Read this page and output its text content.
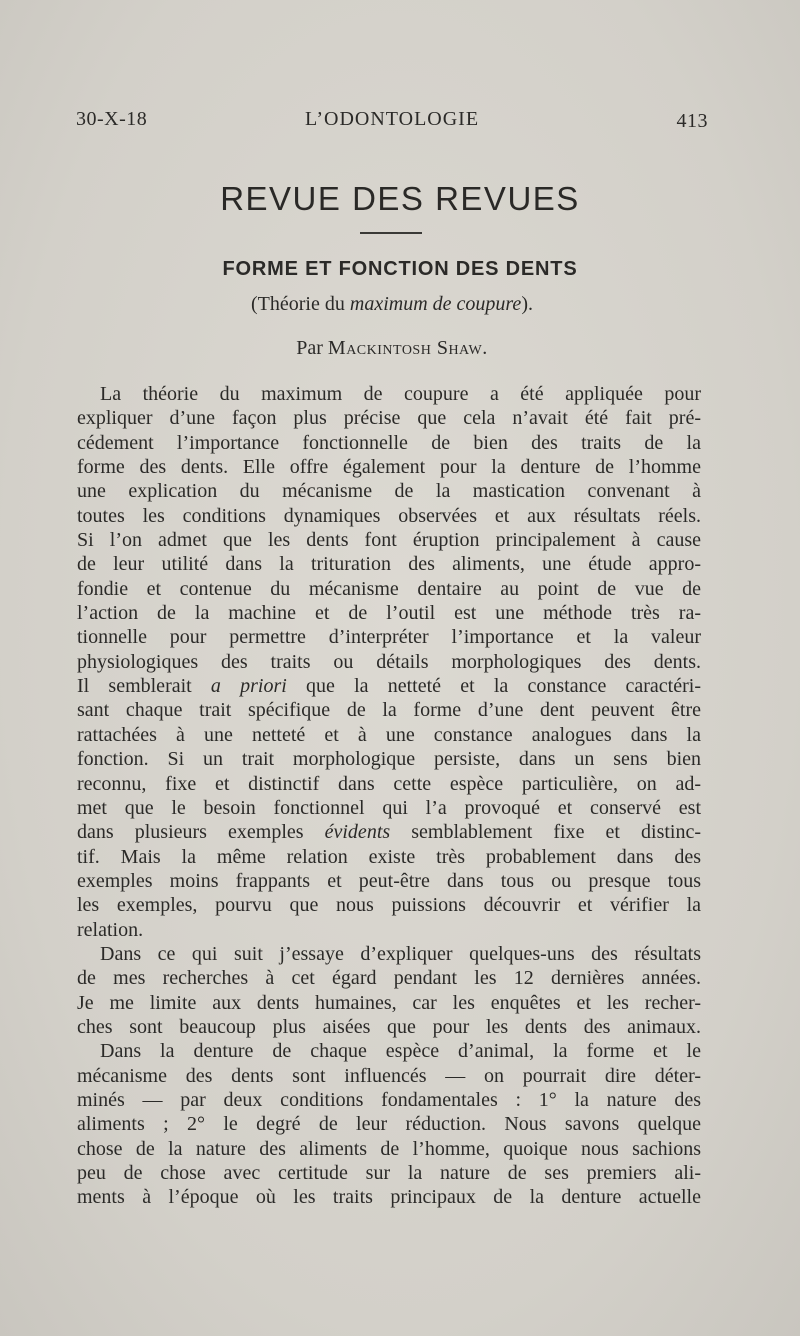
30-X-18	L’ODONTOLOGIE	413
REVUE DES REVUES
FORME ET FONCTION DES DENTS
(Théorie du maximum de coupure).
Par Mackintosh Shaw.
La théorie du maximum de coupure a été appliquée pour
expliquer d’une façon plus précise que cela n’avait été fait pré-
cédement l’importance fonctionnelle de bien des traits de la
forme des dents. Elle offre également pour la denture de l’homme
une explication du mécanisme de la mastication convenant à
toutes les conditions dynamiques observées et aux résultats réels.
Si l’on admet que les dents font éruption principalement à cause
de leur utilité dans la trituration des aliments, une étude appro-
fondie et contenue du mécanisme dentaire au point de vue de
l’action de la machine et de l’outil est une méthode très ra-
tionnelle pour permettre d’interpréter l’importance et la valeur
physiologiques des traits ou détails morphologiques des dents.
Il semblerait a priori que la netteté et la constance caractéri-
sant chaque trait spécifique de la forme d’une dent peuvent être
rattachées à une netteté et à une constance analogues dans la
fonction. Si un trait morphologique persiste, dans un sens bien
reconnu, fixe et distinctif dans cette espèce particulière, on ad-
met que le besoin fonctionnel qui l’a provoqué et conservé est
dans plusieurs exemples évidents semblablement fixe et distinc-
tif. Mais la même relation existe très probablement dans des
exemples moins frappants et peut-être dans tous ou presque tous
les exemples, pourvu que nous puissions découvrir et vérifier la
relation.
Dans ce qui suit j’essaye d’expliquer quelques-uns des résultats
de mes recherches à cet égard pendant les 12 dernières années.
Je me limite aux dents humaines, car les enquêtes et les recher-
ches sont beaucoup plus aisées que pour les dents des animaux.
Dans la denture de chaque espèce d’animal, la forme et le
mécanisme des dents sont influencés — on pourrait dire déter-
minés — par deux conditions fondamentales : 1° la nature des
aliments ; 2° le degré de leur réduction. Nous savons quelque
chose de la nature des aliments de l’homme, quoique nous sachions
peu de chose avec certitude sur la nature de ses premiers ali-
ments à l’époque où les traits principaux de la denture actuelle
